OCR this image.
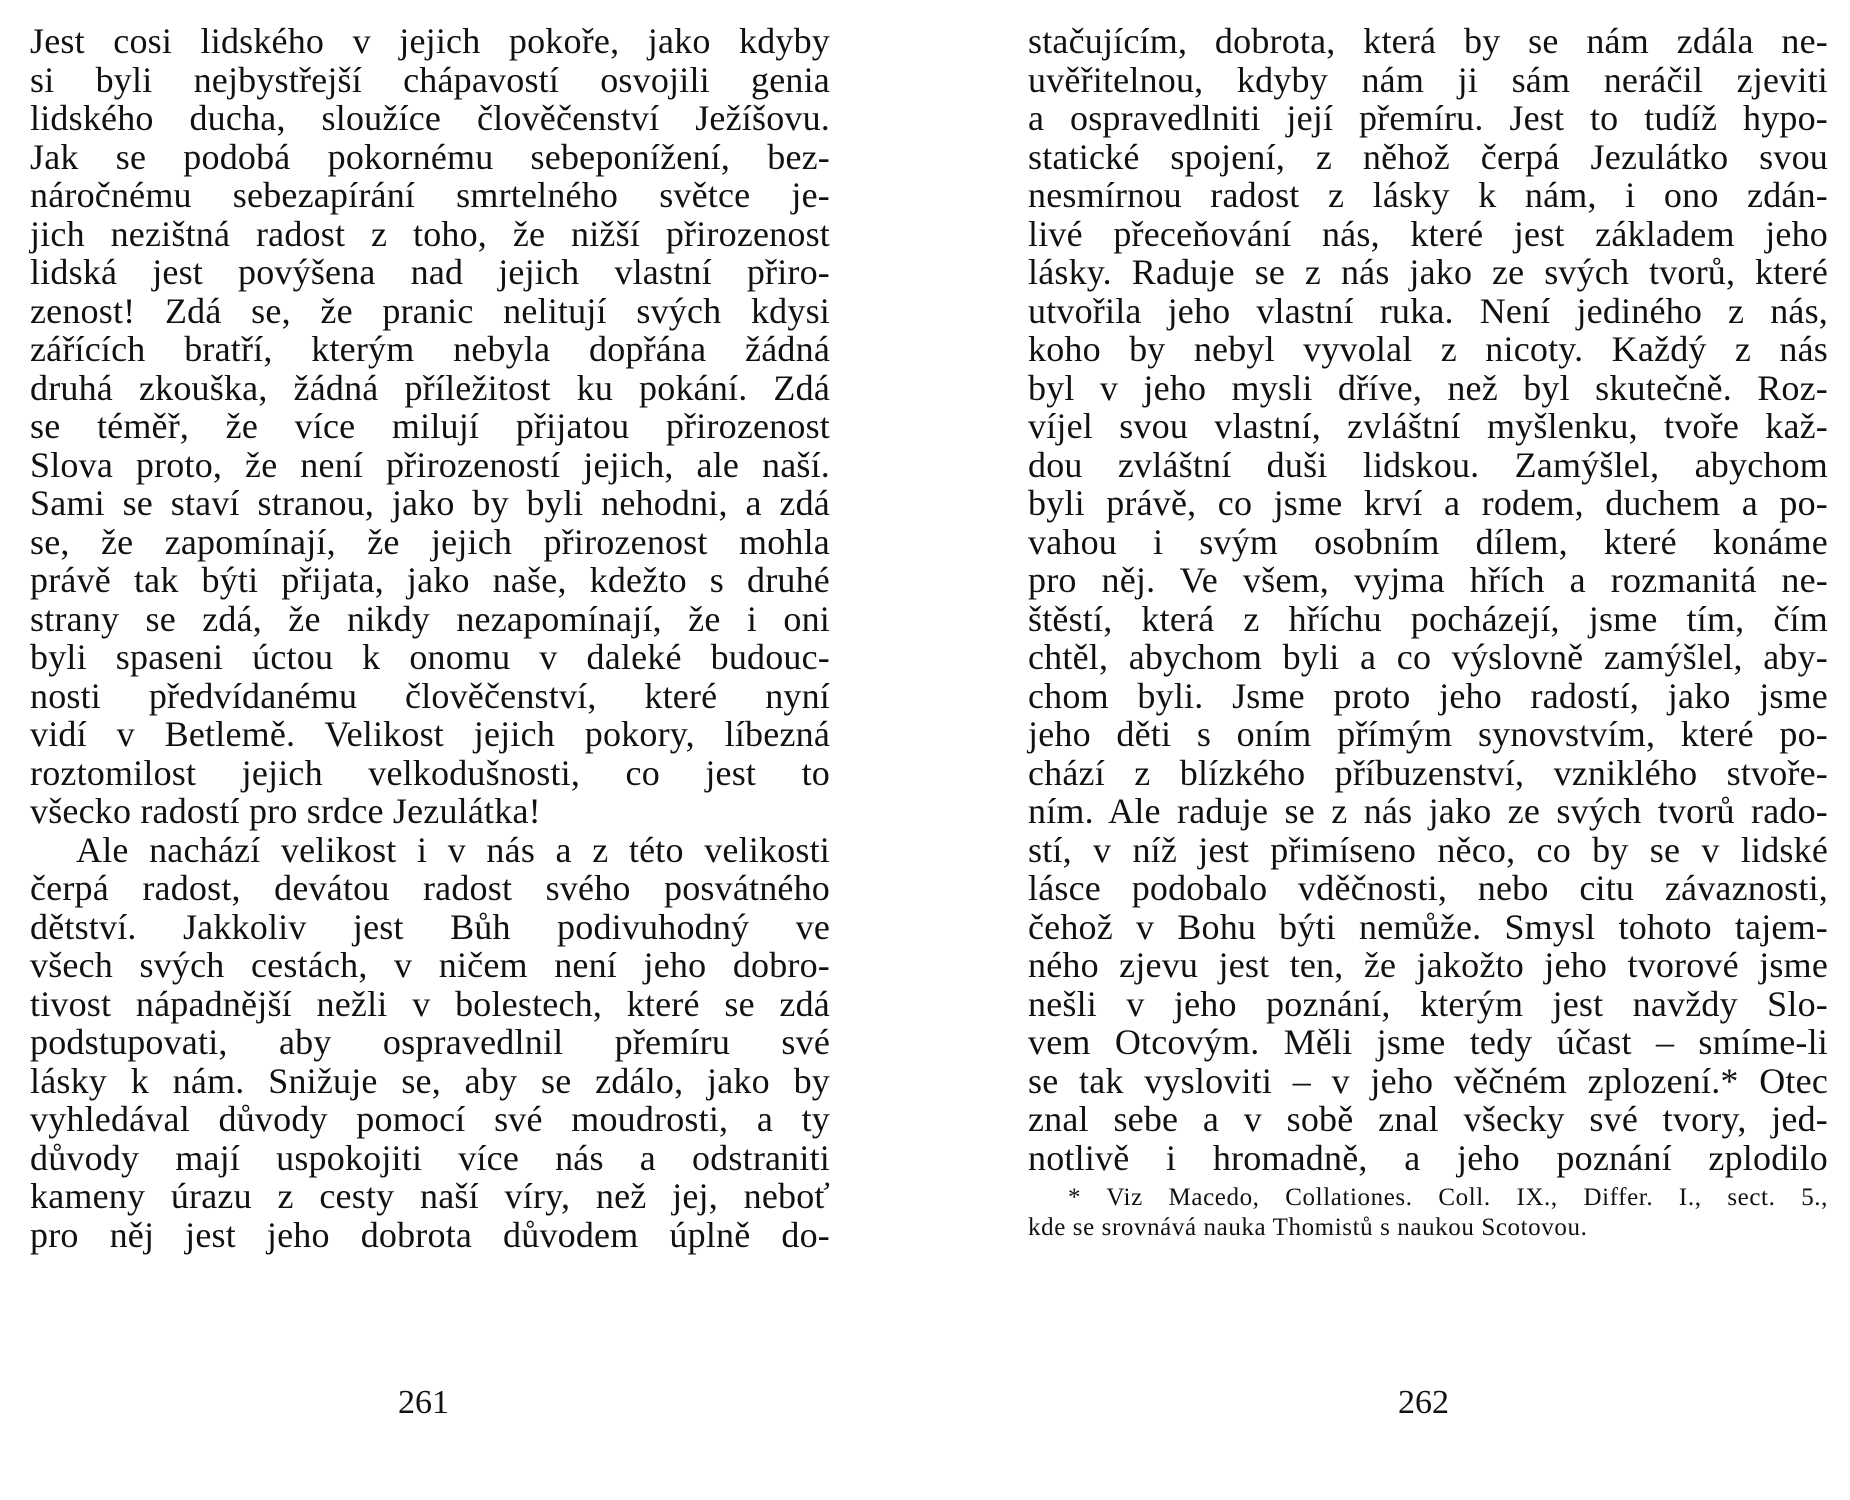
Jest cosi lidského v jejich pokoře, jako kdyby
si byli nejbystřejší chápavostí osvojili genia
lidského ducha, sloužíce člověčenství Ježíšovu.
Jak se podobá pokornému sebeponížení, bez-
náročnému sebezapírání smrtelného světce je-
jich nezištná radost z toho, že nižší přirozenost
lidská jest povýšena nad jejich vlastní přiro-
zenost! Zdá se, že pranic nelitují svých kdysi
zářících bratří, kterým nebyla dopřána žádná
druhá zkouška, žádná příležitost ku pokání. Zdá
se téměř, že více milují přijatou přirozenost
Slova proto, že není přirozeností jejich, ale naší.
Sami se staví stranou, jako by byli nehodni, a zdá
se, že zapomínají, že jejich přirozenost mohla
právě tak býti přijata, jako naše, kdežto s druhé
strany se zdá, že nikdy nezapomínají, že i oni
byli spaseni úctou k onomu v daleké budouc-
nosti předvídanému člověčenství, které nyní
vidí v Betlemě. Velikost jejich pokory, líbezná
roztomilost jejich velkodušnosti, co jest to
všecko radostí pro srdce Jezulátka!
Ale nachází velikost i v nás a z této velikosti
čerpá radost, devátou radost svého posvátného
dětství. Jakkoliv jest Bůh podivuhodný ve
všech svých cestách, v ničem není jeho dobro-
tivost nápadnější nežli v bolestech, které se zdá
podstupovati, aby ospravedlnil přemíru své
lásky k nám. Snižuje se, aby se zdálo, jako by
vyhledával důvody pomocí své moudrosti, a ty
důvody mají uspokojiti více nás a odstraniti
kameny úrazu z cesty naší víry, než jej, neboť
pro něj jest jeho dobrota důvodem úplně do-
stačujícím, dobrota, která by se nám zdála ne-
uvěřitelnou, kdyby nám ji sám neráčil zjeviti
a ospravedlniti její přemíru. Jest to tudíž hypo-
statické spojení, z něhož čerpá Jezulátko svou
nesmírnou radost z lásky k nám, i ono zdán-
livé přeceňování nás, které jest základem jeho
lásky. Raduje se z nás jako ze svých tvorů, které
utvořila jeho vlastní ruka. Není jediného z nás,
koho by nebyl vyvolal z nicoty. Každý z nás
byl v jeho mysli dříve, než byl skutečně. Roz-
víjel svou vlastní, zvláštní myšlenku, tvoře kaž-
dou zvláštní duši lidskou. Zamýšlel, abychom
byli právě, co jsme krví a rodem, duchem a po-
vahou i svým osobním dílem, které konáme
pro něj. Ve všem, vyjma hřích a rozmanitá ne-
štěstí, která z hříchu pocházejí, jsme tím, čím
chtěl, abychom byli a co výslovně zamýšlel, aby-
chom byli. Jsme proto jeho radostí, jako jsme
jeho děti s oním přímým synovstvím, které po-
chází z blízkého příbuzenství, vzniklého stvoře-
ním. Ale raduje se z nás jako ze svých tvorů rado-
stí, v níž jest přimíseno něco, co by se v lidské
lásce podobalo vděčnosti, nebo citu závaznosti,
čehož v Bohu býti nemůže. Smysl tohoto tajem-
ného zjevu jest ten, že jakožto jeho tvorové jsme
nešli v jeho poznání, kterým jest navždy Slo-
vem Otcovým. Měli jsme tedy účast – smíme-li
se tak vysloviti – v jeho věčném zplození.* Otec
znal sebe a v sobě znal všecky své tvory, jed-
notlivě i hromadně, a jeho poznání zplodilo
* Viz Macedo, Collationes. Coll. IX., Differ. I., sect. 5.,
kde se srovnává nauka Thomistů s naukou Scotovou.
261	262
